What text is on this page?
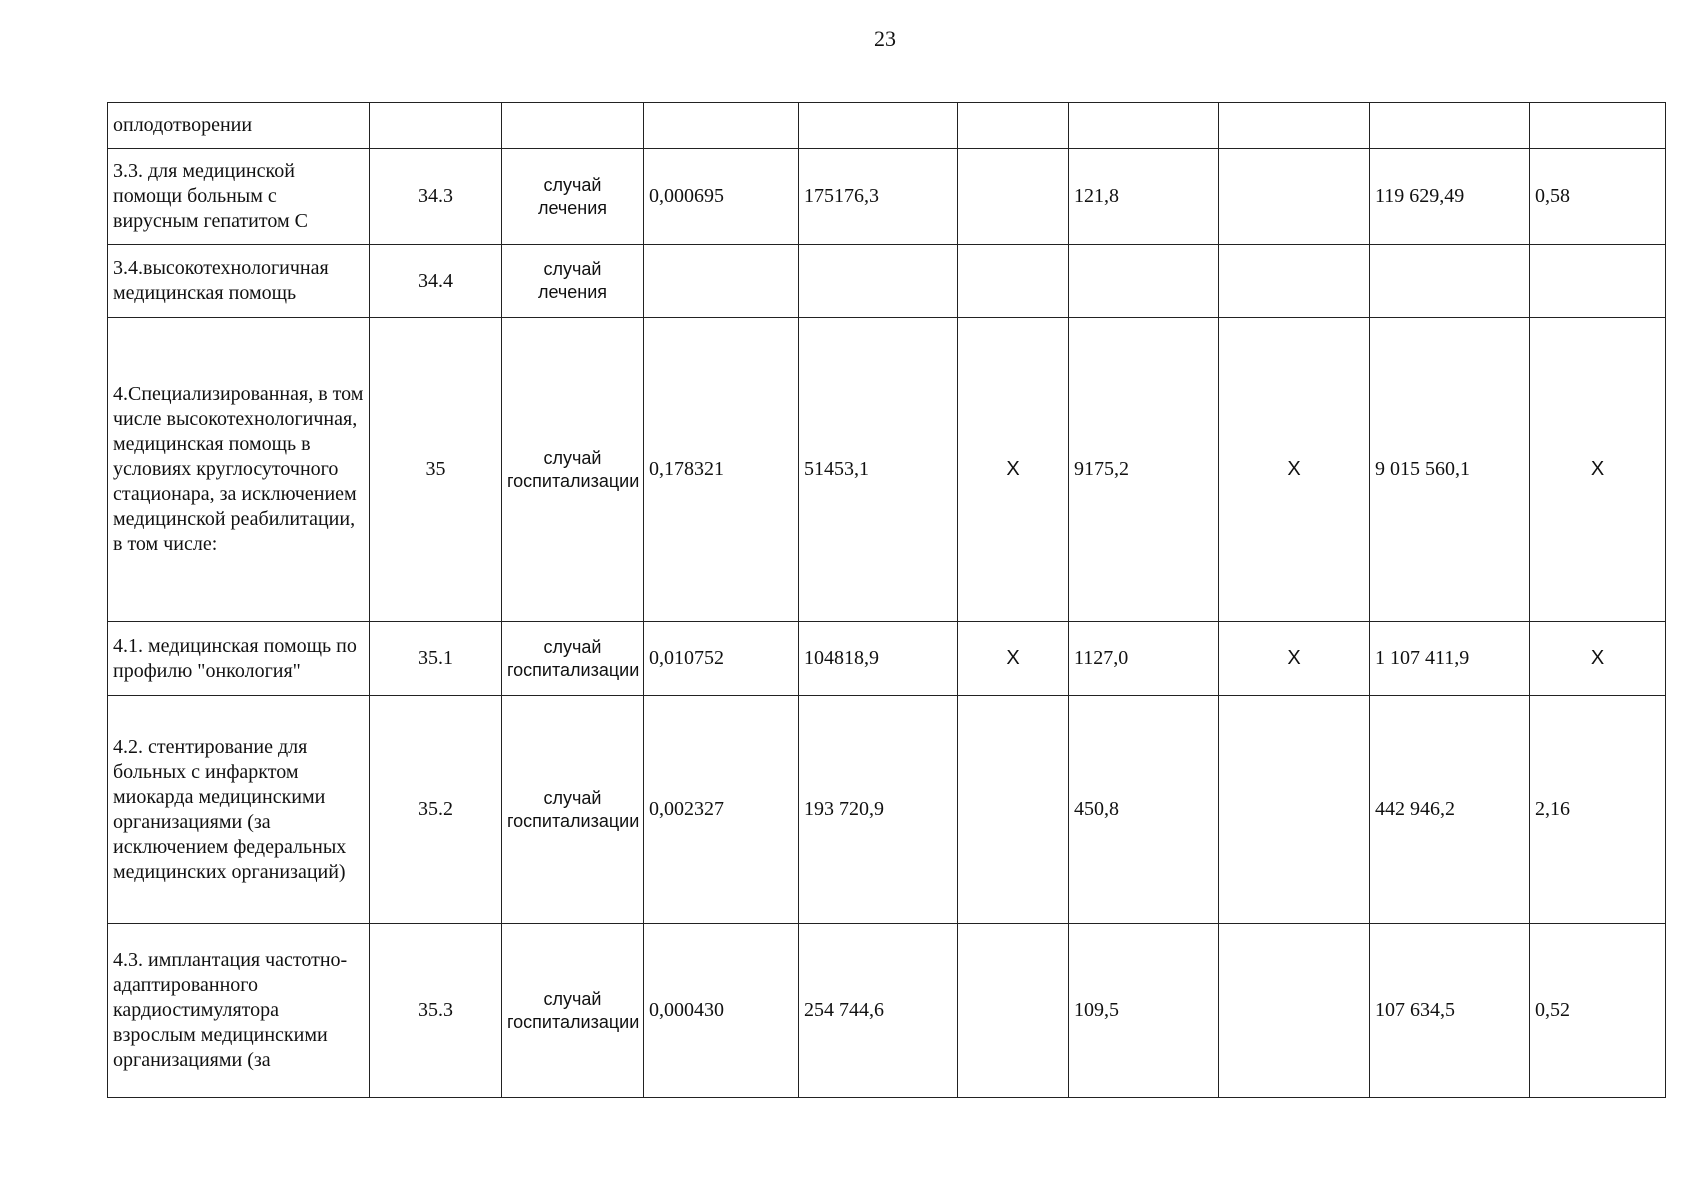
23
оплодотворении									
3.3. для медицинской помощи больным с вирусным гепатитом С	34.3	случай лечения	0,000695	175176,3		121,8		119 629,49	0,58
3.4.высокотехнологичная медицинская помощь	34.4	случай лечения							
4.Специализированная, в том числе высокотехнологичная, медицинская помощь в условиях круглосуточного стационара, за исключением медицинской реабилитации, в том числе:	35	случай госпитализации	0,178321	51453,1	X	9175,2	X	9 015 560,1	X
4.1. медицинская помощь по профилю "онкология"	35.1	случай госпитализации	0,010752	104818,9	X	1127,0	X	1 107 411,9	X
4.2. стентирование для больных с инфарктом миокарда медицинскими организациями (за исключением федеральных медицинских организаций)	35.2	случай госпитализации	0,002327	193 720,9		450,8		442 946,2	2,16
4.3. имплантация частотно-адаптированного кардиостимулятора взрослым медицинскими организациями (за	35.3	случай госпитализации	0,000430	254 744,6		109,5		107 634,5	0,52
